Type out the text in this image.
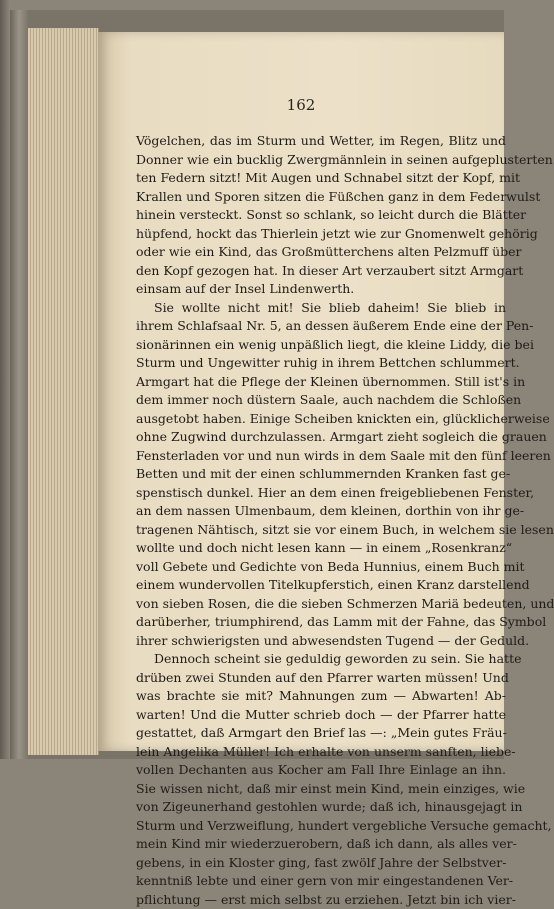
162
Vögelchen, das im Sturm und Wetter, im Regen, Blitz und
Donner wie ein bucklig Zwergmännlein in seinen aufgeplusterten
ten Federn sitzt! Mit Augen und Schnabel sitzt der Kopf, mit
Krallen und Sporen sitzen die Füßchen ganz in dem Federwulst
hinein versteckt. Sonst so schlank, so leicht durch die Blätter
hüpfend, hockt das Thierlein jetzt wie zur Gnomenwelt gehörig
oder wie ein Kind, das Großmütterchens alten Pelzmuff über
den Kopf gezogen hat. In dieser Art verzaubert sitzt Armgart
einsam auf der Insel Lindenwerth.
Sie wollte nicht mit! Sie blieb daheim! Sie blieb in
ihrem Schlafsaal Nr. 5, an dessen äußerem Ende eine der Pen-
sionärinnen ein wenig unpäßlich liegt, die kleine Liddy, die bei
Sturm und Ungewitter ruhig in ihrem Bettchen schlummert.
Armgart hat die Pflege der Kleinen übernommen. Still ist's in
dem immer noch düstern Saale, auch nachdem die Schloßen
ausgetobt haben. Einige Scheiben knickten ein, glücklicherweise
ohne Zugwind durchzulassen. Armgart zieht sogleich die grauen
Fensterladen vor und nun wirds in dem Saale mit den fünf leeren
Betten und mit der einen schlummernden Kranken fast ge-
spenstisch dunkel. Hier an dem einen freigebliebenen Fenster,
an dem nassen Ulmenbaum, dem kleinen, dorthin von ihr ge-
tragenen Nähtisch, sitzt sie vor einem Buch, in welchem sie lesen
wollte und doch nicht lesen kann — in einem „Rosenkranz“
voll Gebete und Gedichte von Beda Hunnius, einem Buch mit
einem wundervollen Titelkupferstich, einen Kranz darstellend
von sieben Rosen, die die sieben Schmerzen Mariä bedeuten, und
darüberher, triumphirend, das Lamm mit der Fahne, das Symbol
ihrer schwierigsten und abwesendsten Tugend — der Geduld.
Dennoch scheint sie geduldig geworden zu sein. Sie hatte
drüben zwei Stunden auf den Pfarrer warten müssen! Und
was brachte sie mit? Mahnungen zum — Abwarten! Ab-
warten! Und die Mutter schrieb doch — der Pfarrer hatte
gestattet, daß Armgart den Brief las —: „Mein gutes Fräu-
lein Angelika Müller! Ich erhalte von unserm sanften, liebe-
vollen Dechanten aus Kocher am Fall Ihre Einlage an ihn.
Sie wissen nicht, daß mir einst mein Kind, mein einziges, wie
von Zigeunerhand gestohlen wurde; daß ich, hinausgejagt in
Sturm und Verzweiflung, hundert vergebliche Versuche gemacht,
mein Kind mir wiederzuerobern, daß ich dann, als alles ver-
gebens, in ein Kloster ging, fast zwölf Jahre der Selbstver-
kenntniß lebte und einer gern von mir eingestandenen Ver-
pflichtung — erst mich selbst zu erziehen. Jetzt bin ich vier-
